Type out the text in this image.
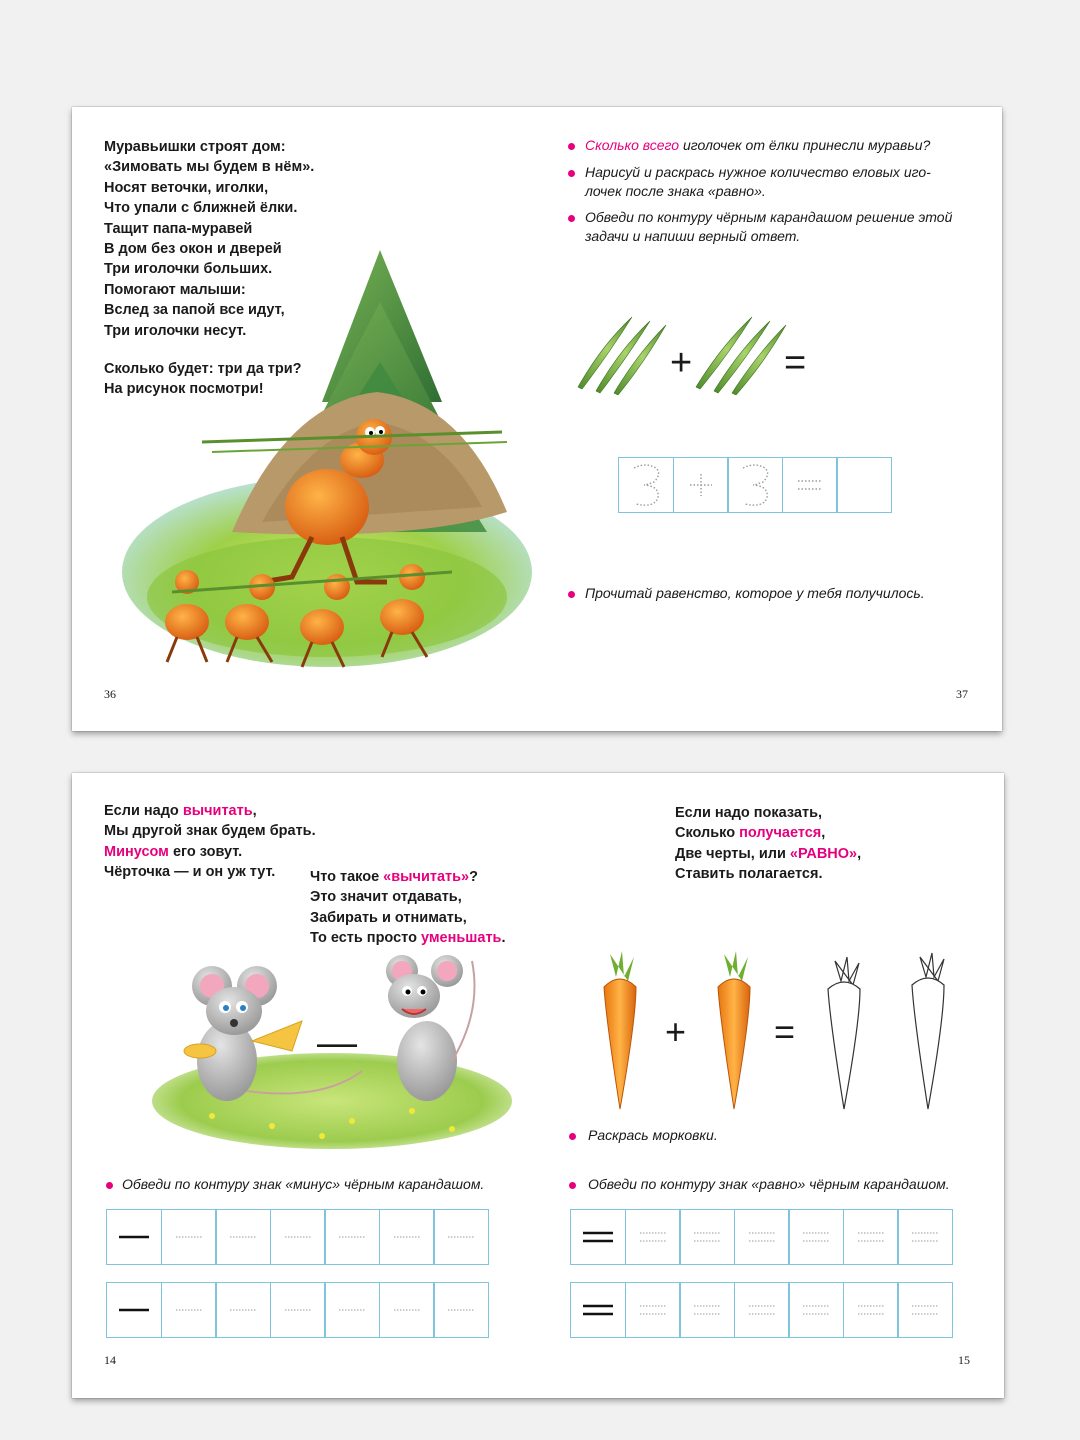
Муравьишки строят дом:
«Зимовать мы будем в нём».
Носят веточки, иголки,
Что упали с ближней ёлки.
Тащит папа-муравей
В дом без окон и дверей
Три иголочки больших.
Помогают малыши:
Вслед за папой все идут,
Три иголочки несут.
Сколько будет: три да три?
На рисунок посмотри!
Сколько всего иголочек от ёлки принесли муравьи?
Нарисуй и раскрась нужное количество еловых иго-
лочек после знака «равно».
Обведи по контуру чёрным карандашом решение этой
задачи и напиши верный ответ.
+ =
Прочитай равенство, которое у тебя получилось.
36	37
Если надо вычитать,
Мы другой знак будем брать.
Минусом его зовут.
Чёрточка — и он уж тут.	Что такое «вычитать»?
Это значит отдавать,
Забирать и отнимать,
То есть просто уменьшать.
Если надо показать,
Сколько получается,
Две черты, или «РАВНО»,
Ставить полагается.
—	+ =
Раскрась морковки.
Обведи по контуру знак «минус» чёрным карандашом.	Обведи по контуру знак «равно» чёрным карандашом.
14	15
